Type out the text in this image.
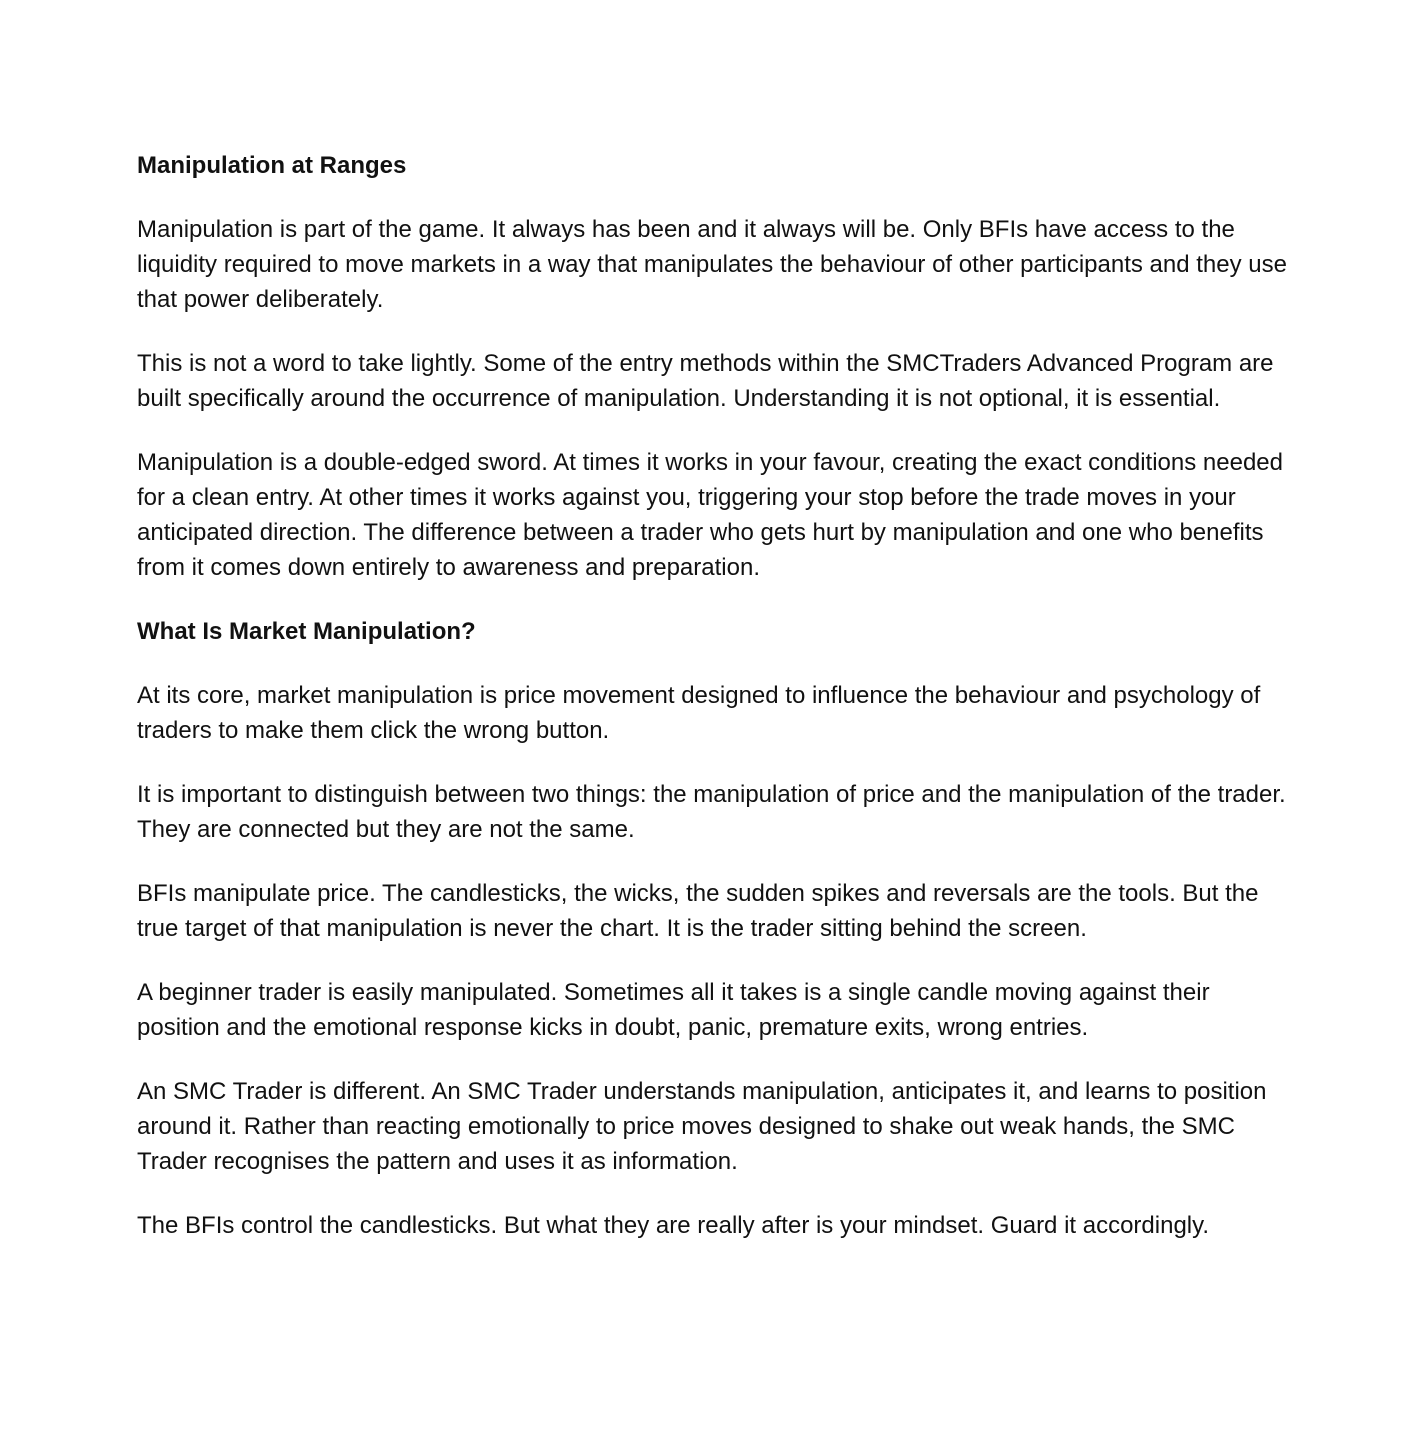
Manipulation at Ranges

Manipulation is part of the game. It always has been and it always will be. Only BFIs have access to the liquidity required to move markets in a way that manipulates the behaviour of other participants and they use that power deliberately.

This is not a word to take lightly. Some of the entry methods within the SMCTraders Advanced Program are built specifically around the occurrence of manipulation. Understanding it is not optional, it is essential.

Manipulation is a double-edged sword. At times it works in your favour, creating the exact conditions needed for a clean entry. At other times it works against you, triggering your stop before the trade moves in your anticipated direction. The difference between a trader who gets hurt by manipulation and one who benefits from it comes down entirely to awareness and preparation.

What Is Market Manipulation?

At its core, market manipulation is price movement designed to influence the behaviour and psychology of traders to make them click the wrong button.

It is important to distinguish between two things: the manipulation of price and the manipulation of the trader. They are connected but they are not the same.

BFIs manipulate price. The candlesticks, the wicks, the sudden spikes and reversals are the tools. But the true target of that manipulation is never the chart. It is the trader sitting behind the screen.

A beginner trader is easily manipulated. Sometimes all it takes is a single candle moving against their position and the emotional response kicks in doubt, panic, premature exits, wrong entries.

An SMC Trader is different. An SMC Trader understands manipulation, anticipates it, and learns to position around it. Rather than reacting emotionally to price moves designed to shake out weak hands, the SMC Trader recognises the pattern and uses it as information.

The BFIs control the candlesticks. But what they are really after is your mindset. Guard it accordingly.
